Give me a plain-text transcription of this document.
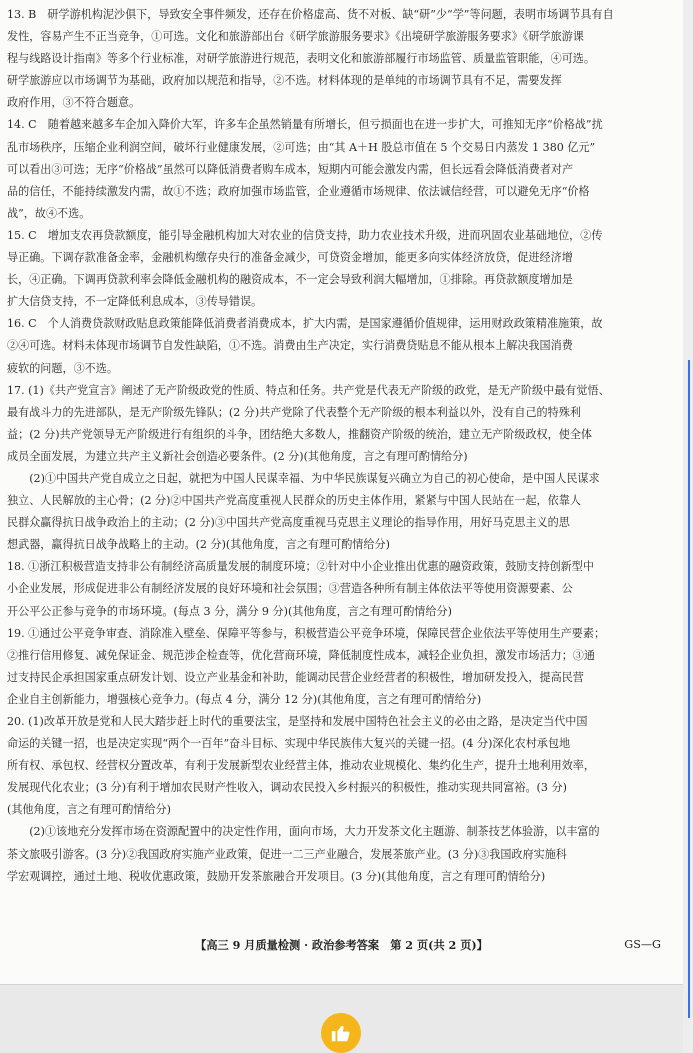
13. B　研学游机构泥沙俱下，导致安全事件频发，还存在价格虚高、货不对板、缺“研”少“学”等问题，表明市场调节具有自

发性，容易产生不正当竞争，①可选。文化和旅游部出台《研学旅游服务要求》《出境研学旅游服务要求》《研学旅游课

程与线路设计指南》等多个行业标准，对研学旅游进行规范，表明文化和旅游部履行市场监管、质量监管职能，④可选。

研学旅游应以市场调节为基础，政府加以规范和指导，②不选。材料体现的是单纯的市场调节具有不足，需要发挥

政府作用，③不符合题意。

14. C　随着越来越多车企加入降价大军，许多车企虽然销量有所增长，但亏损面也在进一步扩大，可推知无序“价格战”扰

乱市场秩序，压缩企业利润空间，破坏行业健康发展，②可选；由“其 A＋H 股总市值在 5 个交易日内蒸发 1 380 亿元”

可以看出③可选；无序“价格战”虽然可以降低消费者购车成本，短期内可能会激发内需，但长远看会降低消费者对产

品的信任，不能持续激发内需，故①不选；政府加强市场监管，企业遵循市场规律、依法诚信经营，可以避免无序“价格

战”，故④不选。

15. C　增加支农再贷款额度，能引导金融机构加大对农业的信贷支持，助力农业技术升级，进而巩固农业基础地位，②传

导正确。下调存款准备金率，金融机构缴存央行的准备金减少，可贷资金增加，能更多向实体经济放贷，促进经济增

长，④正确。下调再贷款利率会降低金融机构的融资成本，不一定会导致利润大幅增加，①排除。再贷款额度增加是

扩大信贷支持，不一定降低利息成本，③传导错误。

16. C　个人消费贷款财政贴息政策能降低消费者消费成本，扩大内需，是国家遵循价值规律，运用财政政策精准施策，故

②④可选。材料未体现市场调节自发性缺陷，①不选。消费由生产决定，实行消费贷贴息不能从根本上解决我国消费

疲软的问题，③不选。

17. (1)《共产党宣言》阐述了无产阶级政党的性质、特点和任务。共产党是代表无产阶级的政党，是无产阶级中最有觉悟、

最有战斗力的先进部队，是无产阶级先锋队；(2 分)共产党除了代表整个无产阶级的根本利益以外，没有自己的特殊利

益；(2 分)共产党领导无产阶级进行有组织的斗争，团结绝大多数人，推翻资产阶级的统治，建立无产阶级政权，使全体

成员全面发展，为建立共产主义新社会创造必要条件。(2 分)(其他角度，言之有理可酌情给分)

　　(2)①中国共产党自成立之日起，就把为中国人民谋幸福、为中华民族谋复兴确立为自己的初心使命，是中国人民谋求

独立、人民解放的主心骨；(2 分)②中国共产党高度重视人民群众的历史主体作用，紧紧与中国人民站在一起，依靠人

民群众赢得抗日战争政治上的主动；(2 分)③中国共产党高度重视马克思主义理论的指导作用，用好马克思主义的思

想武器，赢得抗日战争战略上的主动。(2 分)(其他角度，言之有理可酌情给分)

18. ①浙江积极营造支持非公有制经济高质量发展的制度环境；②针对中小企业推出优惠的融资政策，鼓励支持创新型中

小企业发展，形成促进非公有制经济发展的良好环境和社会氛围；③营造各种所有制主体依法平等使用资源要素、公

开公平公正参与竞争的市场环境。(每点 3 分，满分 9 分)(其他角度，言之有理可酌情给分)

19. ①通过公平竞争审查、消除准入壁垒、保障平等参与，积极营造公平竞争环境，保障民营企业依法平等使用生产要素；

②推行信用修复、减免保证金、规范涉企检查等，优化营商环境，降低制度性成本，减轻企业负担，激发市场活力；③通

过支持民企承担国家重点研发计划、设立产业基金和补助，能调动民营企业经营者的积极性，增加研发投入，提高民营

企业自主创新能力，增强核心竞争力。(每点 4 分，满分 12 分)(其他角度，言之有理可酌情给分)

20. (1)改革开放是党和人民大踏步赶上时代的重要法宝，是坚持和发展中国特色社会主义的必由之路，是决定当代中国

命运的关键一招，也是决定实现“两个一百年”奋斗目标、实现中华民族伟大复兴的关键一招。(4 分)深化农村承包地

所有权、承包权、经营权分置改革，有利于发展新型农业经营主体，推动农业规模化、集约化生产，提升土地利用效率，

发展现代化农业；(3 分)有利于增加农民财产性收入，调动农民投入乡村振兴的积极性，推动实现共同富裕。(3 分)

(其他角度，言之有理可酌情给分)

　　(2)①该地充分发挥市场在资源配置中的决定性作用，面向市场，大力开发茶文化主题游、制茶技艺体验游，以丰富的

茶文旅吸引游客。(3 分)②我国政府实施产业政策，促进一二三产业融合，发展茶旅产业。(3 分)③我国政府实施科

学宏观调控，通过土地、税收优惠政策，鼓励开发茶旅融合开发项目。(3 分)(其他角度，言之有理可酌情给分)

【高三 9 月质量检测 · 政治参考答案　第 2 页(共 2 页)】	GS—G
